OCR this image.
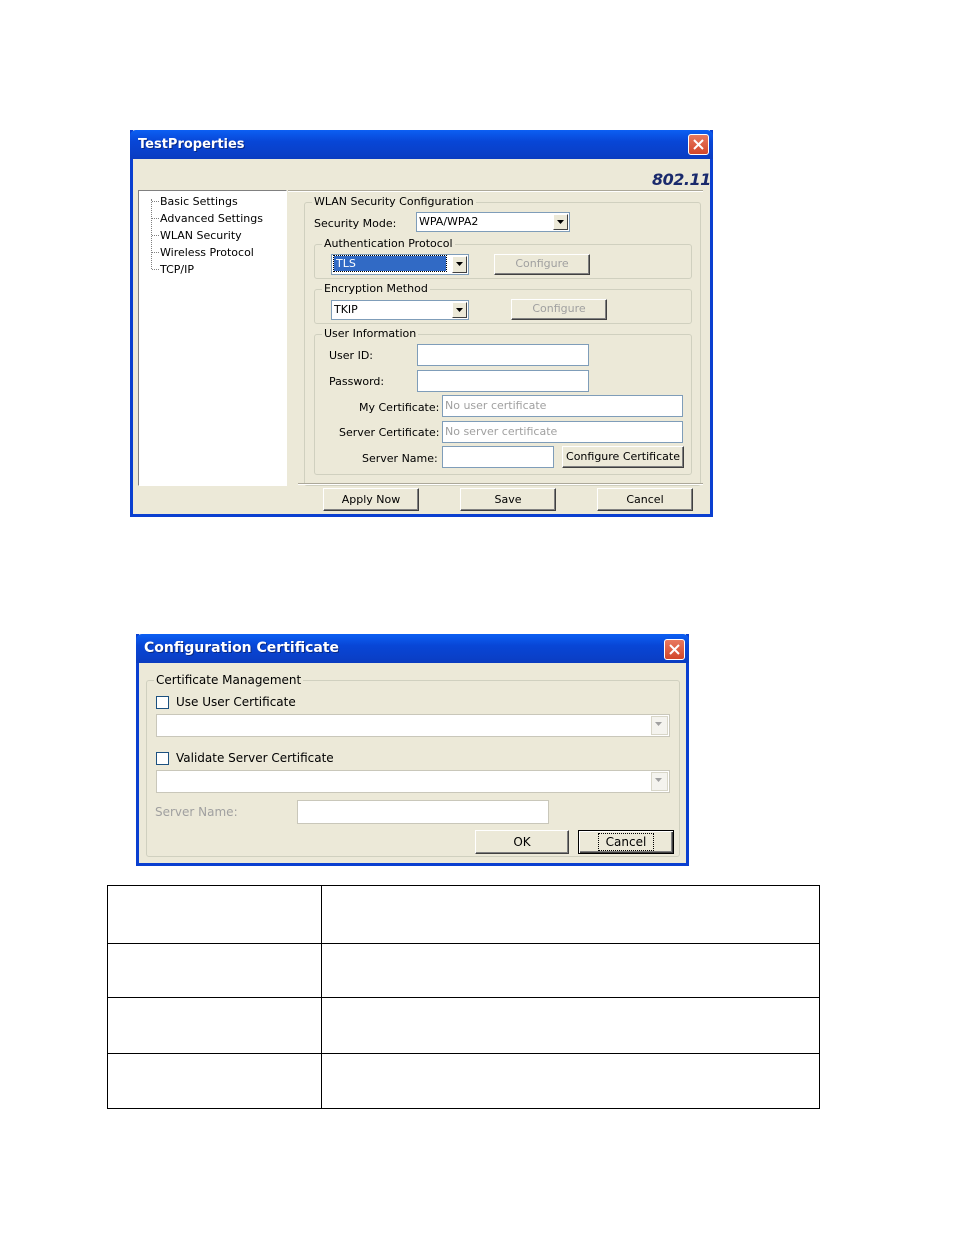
TestProperties
802.11
Basic Settings
Advanced Settings
WLAN Security
Wireless Protocol
TCP/IP
WLAN Security Configuration
Security Mode: WPA/WPA2
Authentication Protocol
TLS	Configure
Encryption Method
TKIP	Configure
User Information
User ID:
Password:
My Certificate: No user certificate
Server Certificate: No server certificate
Server Name:	Configure Certificate
Apply Now	Save	Cancel
Configuration Certificate
Certificate Management
Use User Certificate
Validate Server Certificate
Server Name:
OK	Cancel
